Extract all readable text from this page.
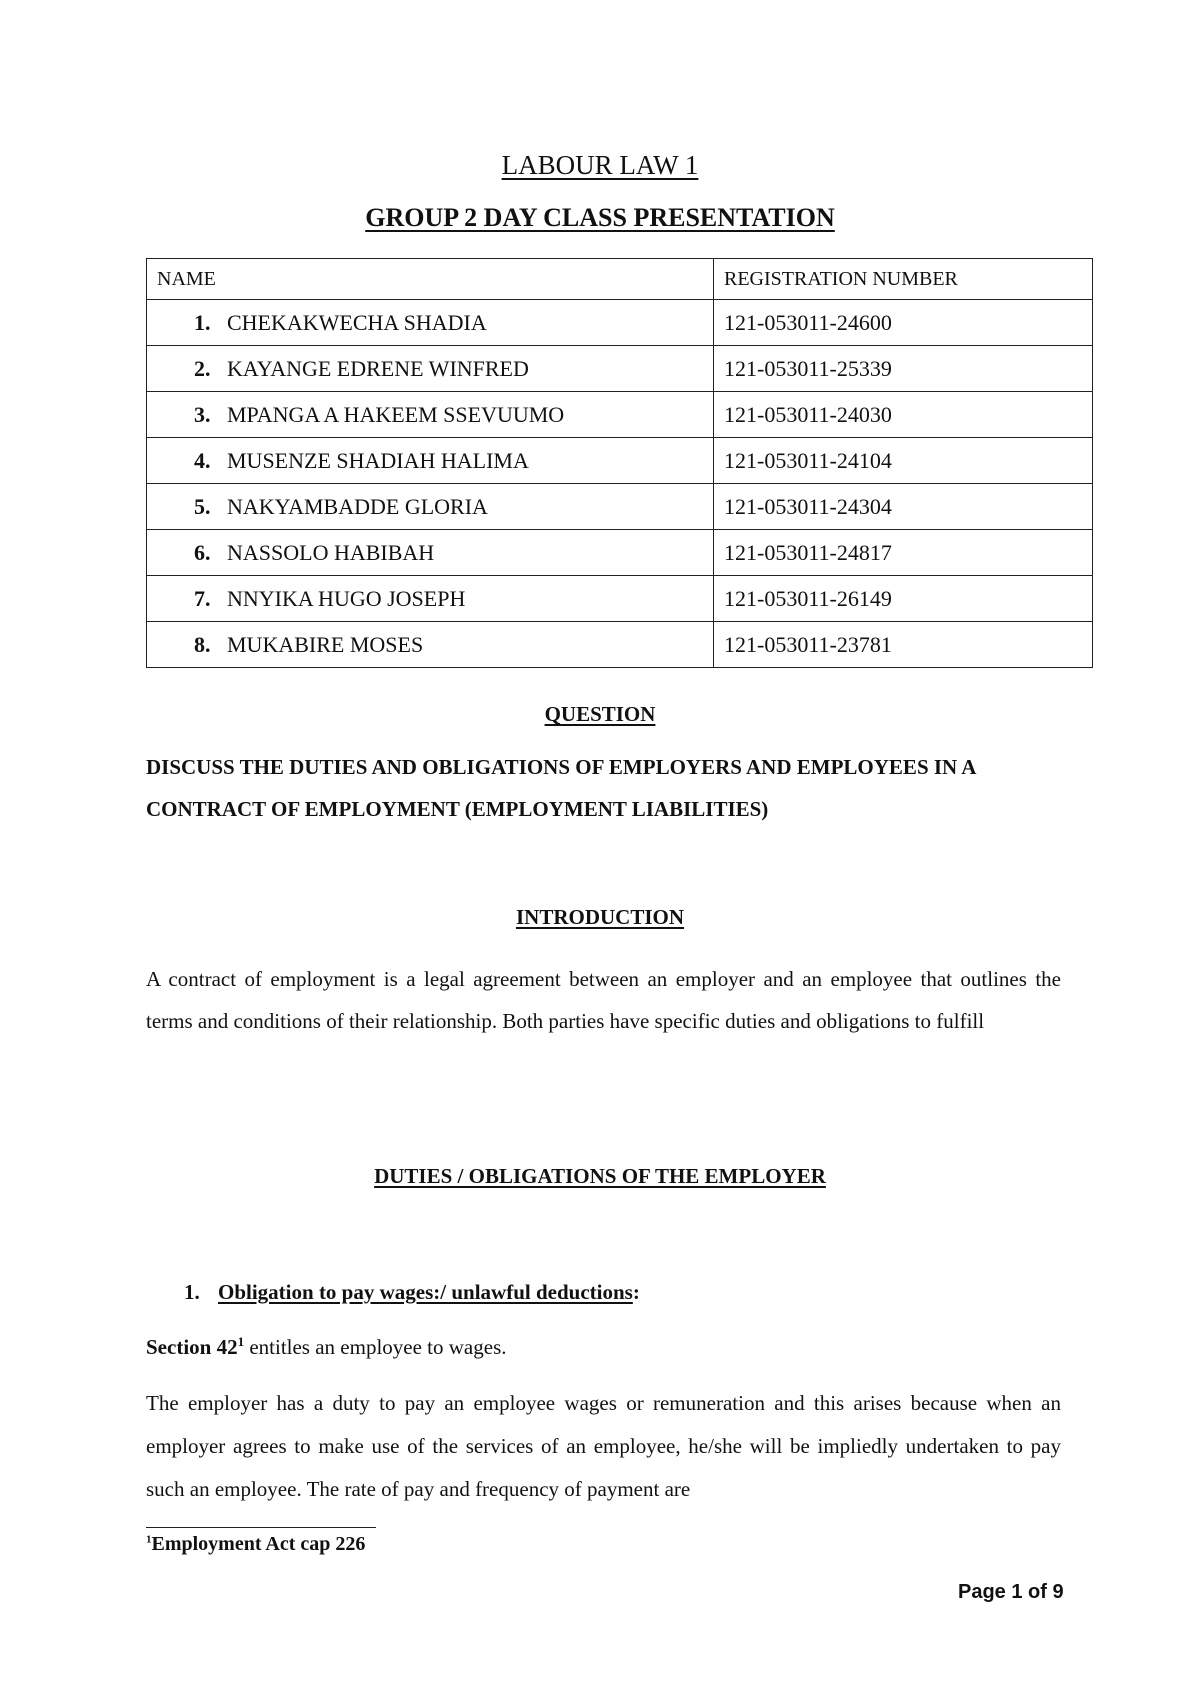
LABOUR LAW 1
GROUP 2 DAY CLASS PRESENTATION
NAME	REGISTRATION NUMBER
1. CHEKAKWECHA SHADIA	121-053011-24600
2. KAYANGE EDRENE WINFRED	121-053011-25339
3. MPANGA A HAKEEM SSEVUUMO	121-053011-24030
4. MUSENZE SHADIAH HALIMA	121-053011-24104
5. NAKYAMBADDE GLORIA	121-053011-24304
6. NASSOLO HABIBAH	121-053011-24817
7. NNYIKA HUGO JOSEPH	121-053011-26149
8. MUKABIRE MOSES	121-053011-23781
QUESTION
DISCUSS THE DUTIES AND OBLIGATIONS OF EMPLOYERS AND EMPLOYEES IN A CONTRACT OF EMPLOYMENT (EMPLOYMENT LIABILITIES)
INTRODUCTION
A contract of employment is a legal agreement between an employer and an employee that outlines the terms and conditions of their relationship. Both parties have specific duties and obligations to fulfill
DUTIES / OBLIGATIONS OF THE EMPLOYER
1. Obligation to pay wages:/ unlawful deductions:
Section $42^1$ entitles an employee to wages.
The employer has a duty to pay an employee wages or remuneration and this arises because when an employer agrees to make use of the services of an employee, he/she will be impliedly undertaken to pay such an employee. The rate of pay and frequency of payment are
$^1$Employment Act cap 226
Page 1 of 9
